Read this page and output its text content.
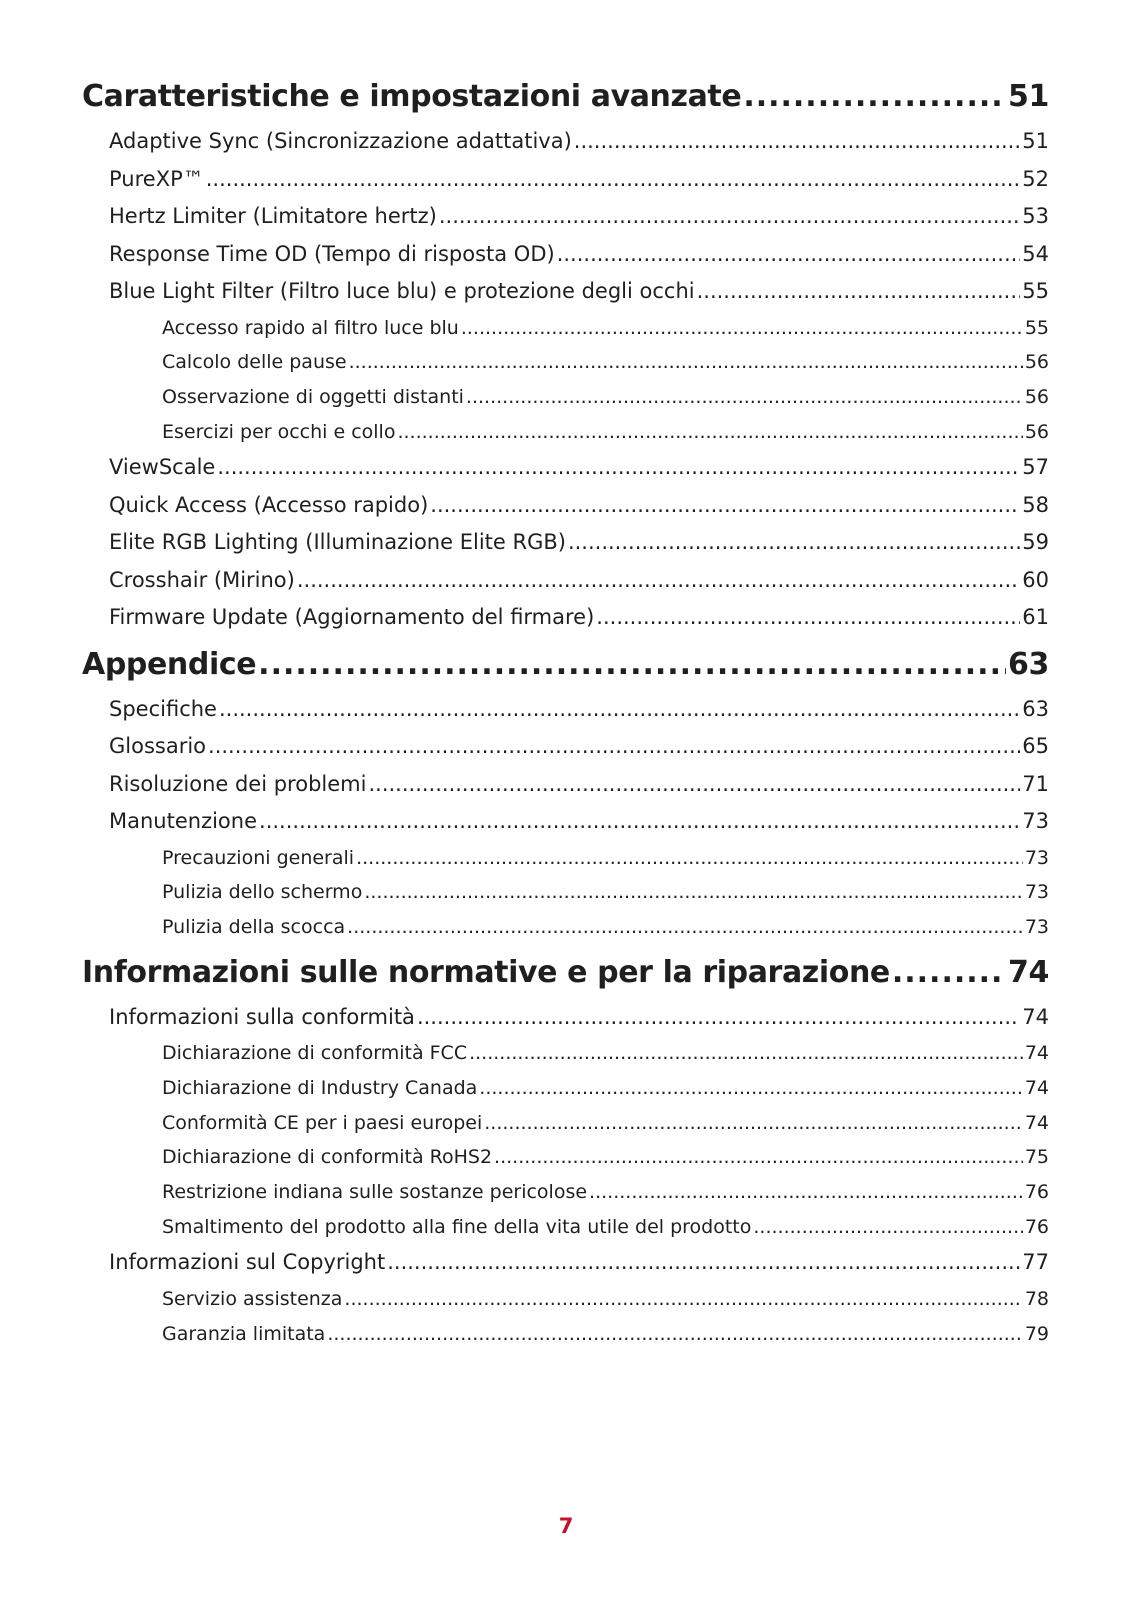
Caratteristiche e impostazioni avanzate .....	51
Adaptive Sync (Sincronizzazione adattativa) .....	51
PureXP™ .....	52
Hertz Limiter (Limitatore hertz) .....	53
Response Time OD (Tempo di risposta OD) .....	54
Blue Light Filter (Filtro luce blu) e protezione degli occhi .....	55
Accesso rapido al filtro luce blu .....	55
Calcolo delle pause .....	56
Osservazione di oggetti distanti .....	56
Esercizi per occhi e collo .....	56
ViewScale .....	57
Quick Access (Accesso rapido) .....	58
Elite RGB Lighting (Illuminazione Elite RGB) .....	59
Crosshair (Mirino) .....	60
Firmware Update (Aggiornamento del firmare) .....	61
Appendice .....	63
Specifiche .....	63
Glossario .....	65
Risoluzione dei problemi .....	71
Manutenzione .....	73
Precauzioni generali .....	73
Pulizia dello schermo .....	73
Pulizia della scocca .....	73
Informazioni sulle normative e per la riparazione .....	74
Informazioni sulla conformità .....	74
Dichiarazione di conformità FCC .....	74
Dichiarazione di Industry Canada .....	74
Conformità CE per i paesi europei .....	74
Dichiarazione di conformità RoHS2 .....	75
Restrizione indiana sulle sostanze pericolose .....	76
Smaltimento del prodotto alla fine della vita utile del prodotto .....	76
Informazioni sul Copyright .....	77
Servizio assistenza .....	78
Garanzia limitata .....	79
7
